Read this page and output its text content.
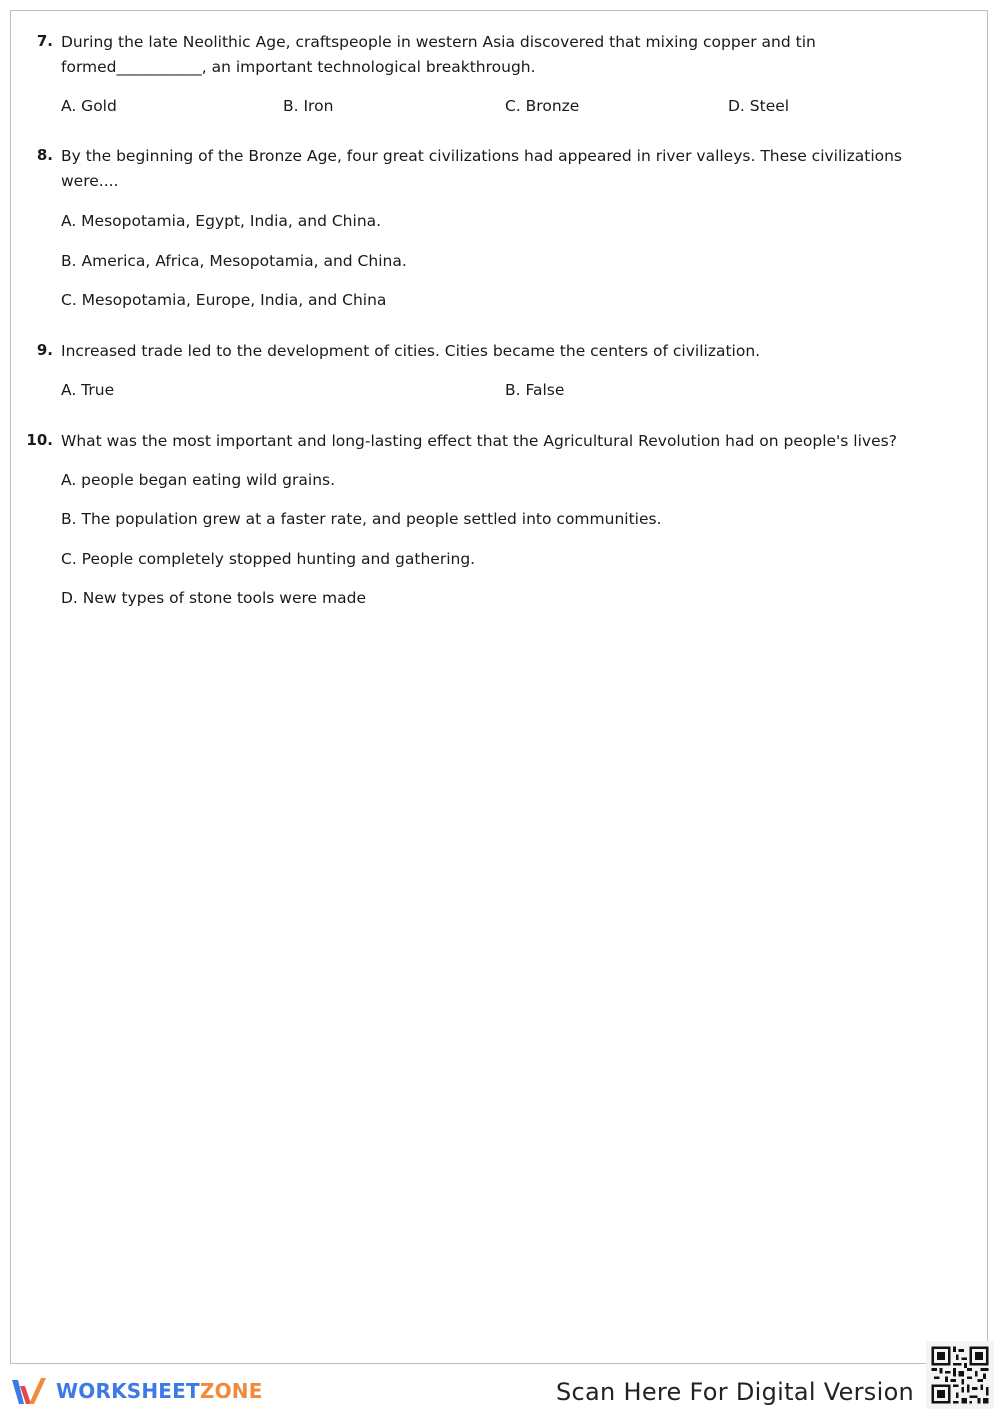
7. During the late Neolithic Age, craftspeople in western Asia discovered that mixing copper and tin
formed___________, an important technological breakthrough.

A. Gold	B. Iron	C. Bronze	D. Steel
8. By the beginning of the Bronze Age, four great civilizations had appeared in river valleys. These civilizations
were....

A. Mesopotamia, Egypt, India, and China.
B. America, Africa, Mesopotamia, and China.
C. Mesopotamia, Europe, India, and China
9. Increased trade led to the development of cities. Cities became the centers of civilization.

A. True	B. False
10. What was the most important and long-lasting effect that the Agricultural Revolution had on people's lives?

A. people began eating wild grains.
B. The population grew at a faster rate, and people settled into communities.
C. People completely stopped hunting and gathering.
D. New types of stone tools were made
WORKSHEETZONE	Scan Here For Digital Version
